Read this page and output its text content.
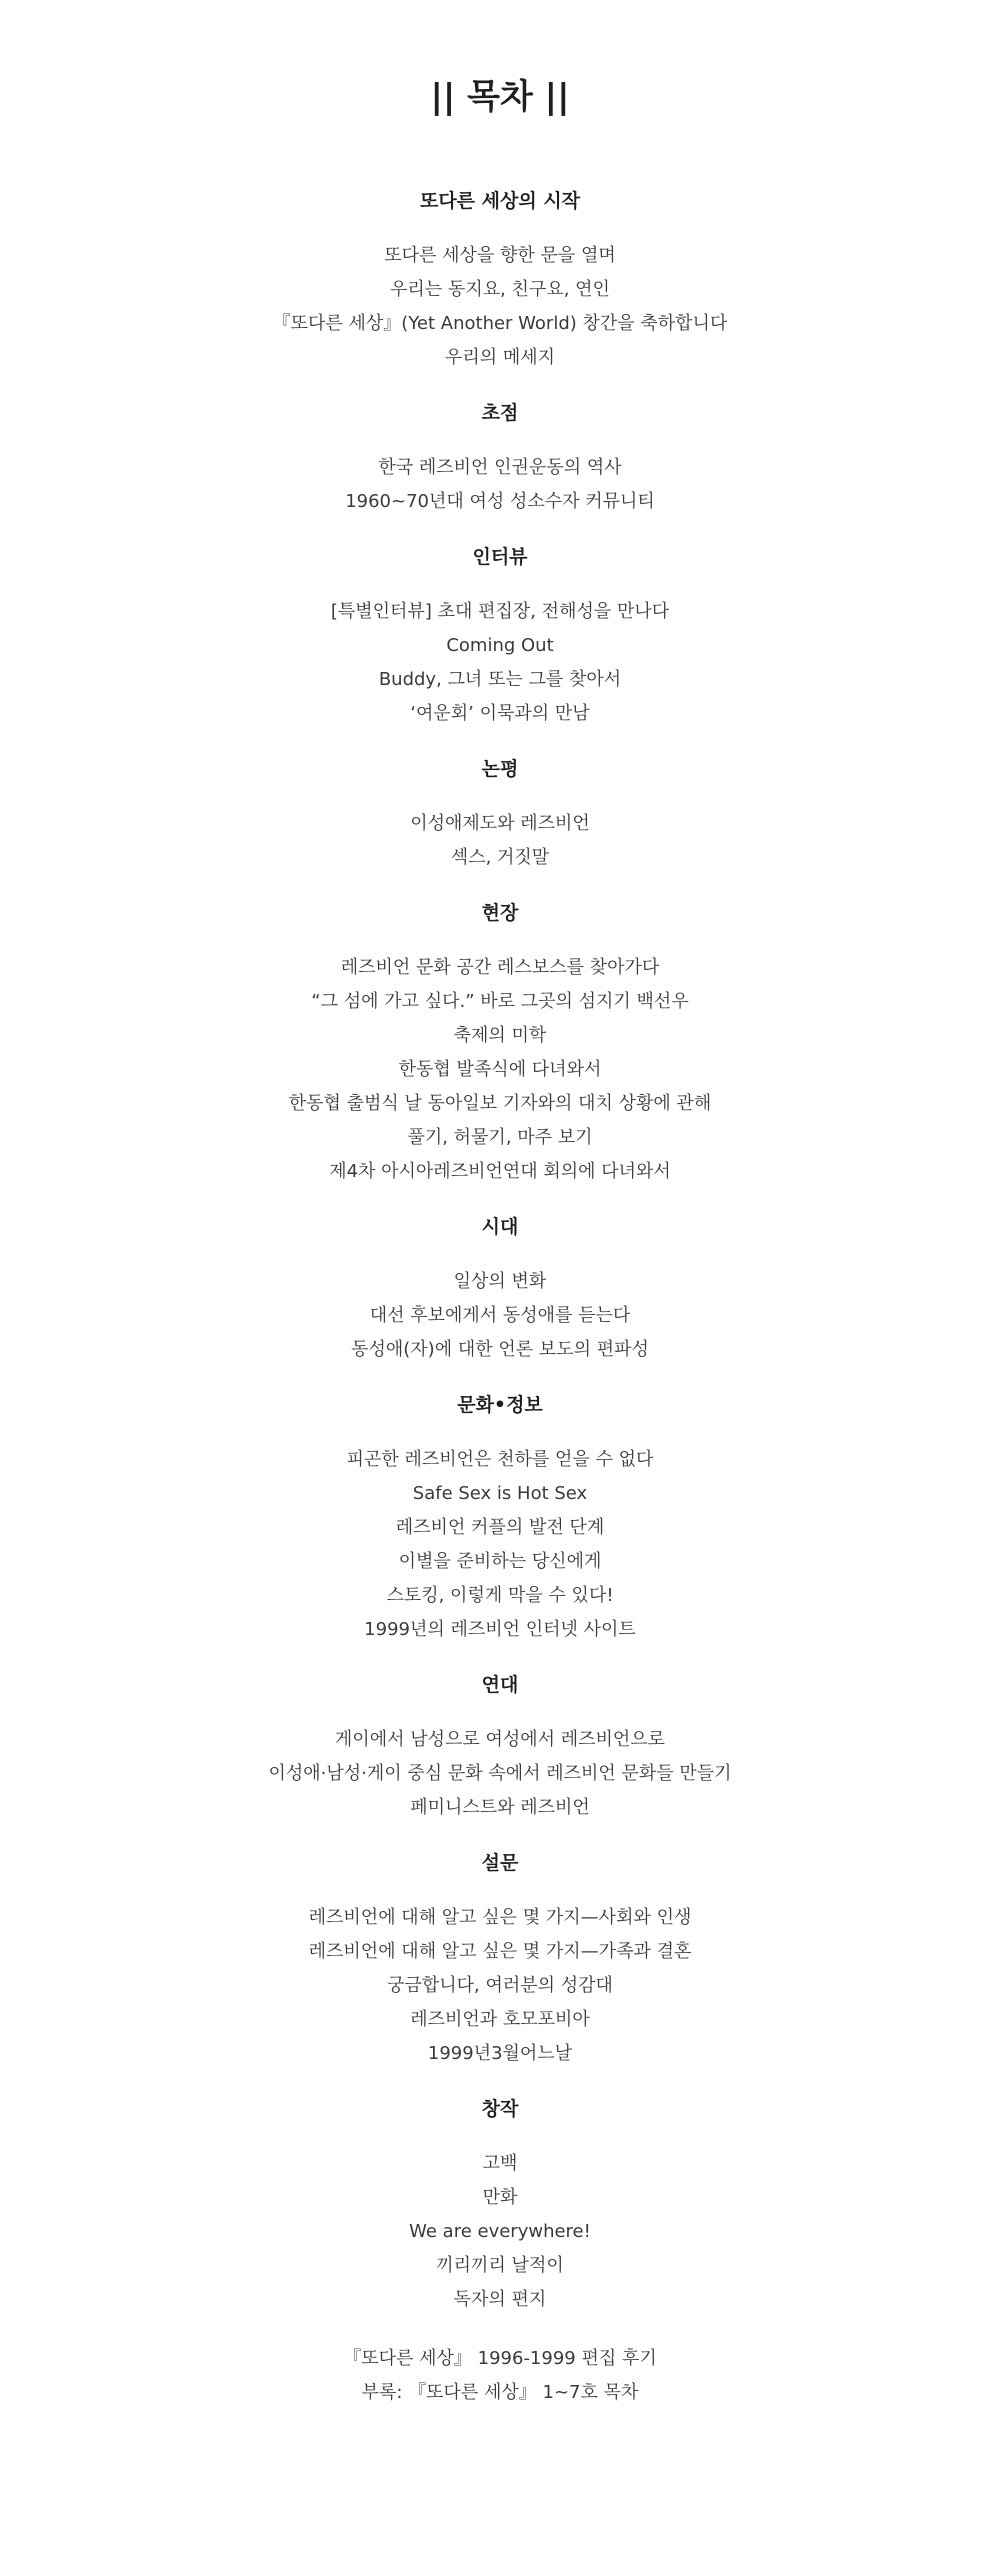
|| 목차 ||
또다른 세상의 시작
또다른 세상을 향한 문을 열며
우리는 동지요, 친구요, 연인
『또다른 세상』(Yet Another World) 창간을 축하합니다
우리의 메세지
초점
한국 레즈비언 인권운동의 역사
1960~70년대 여성 성소수자 커뮤니티
인터뷰
[특별인터뷰] 초대 편집장, 전해성을 만나다
Coming Out
Buddy, 그녀 또는 그를 찾아서
‘여운회’ 이묵과의 만남
논평
이성애제도와 레즈비언
섹스, 거짓말
현장
레즈비언 문화 공간 레스보스를 찾아가다
“그 섬에 가고 싶다.” 바로 그곳의 섬지기 백선우
축제의 미학
한동협 발족식에 다녀와서
한동협 출범식 날 동아일보 기자와의 대치 상황에 관해
풀기, 허물기, 마주 보기
제4차 아시아레즈비언연대 회의에 다녀와서
시대
일상의 변화
대선 후보에게서 동성애를 듣는다
동성애(자)에 대한 언론 보도의 편파성
문화•정보
피곤한 레즈비언은 천하를 얻을 수 없다
Safe Sex is Hot Sex
레즈비언 커플의 발전 단계
이별을 준비하는 당신에게
스토킹, 이렇게 막을 수 있다!
1999년의 레즈비언 인터넷 사이트
연대
게이에서 남성으로 여성에서 레즈비언으로
이성애·남성·게이 중심 문화 속에서 레즈비언 문화들 만들기
페미니스트와 레즈비언
설문
레즈비언에 대해 알고 싶은 몇 가지—사회와 인생
레즈비언에 대해 알고 싶은 몇 가지—가족과 결혼
궁금합니다, 여러분의 성감대
레즈비언과 호모포비아
1999년3월어느날
창작
고백
만화
We are everywhere!
끼리끼리 날적이
독자의 편지
『또다른 세상』 1996-1999 편집 후기
부록: 『또다른 세상』 1~7호 목차
